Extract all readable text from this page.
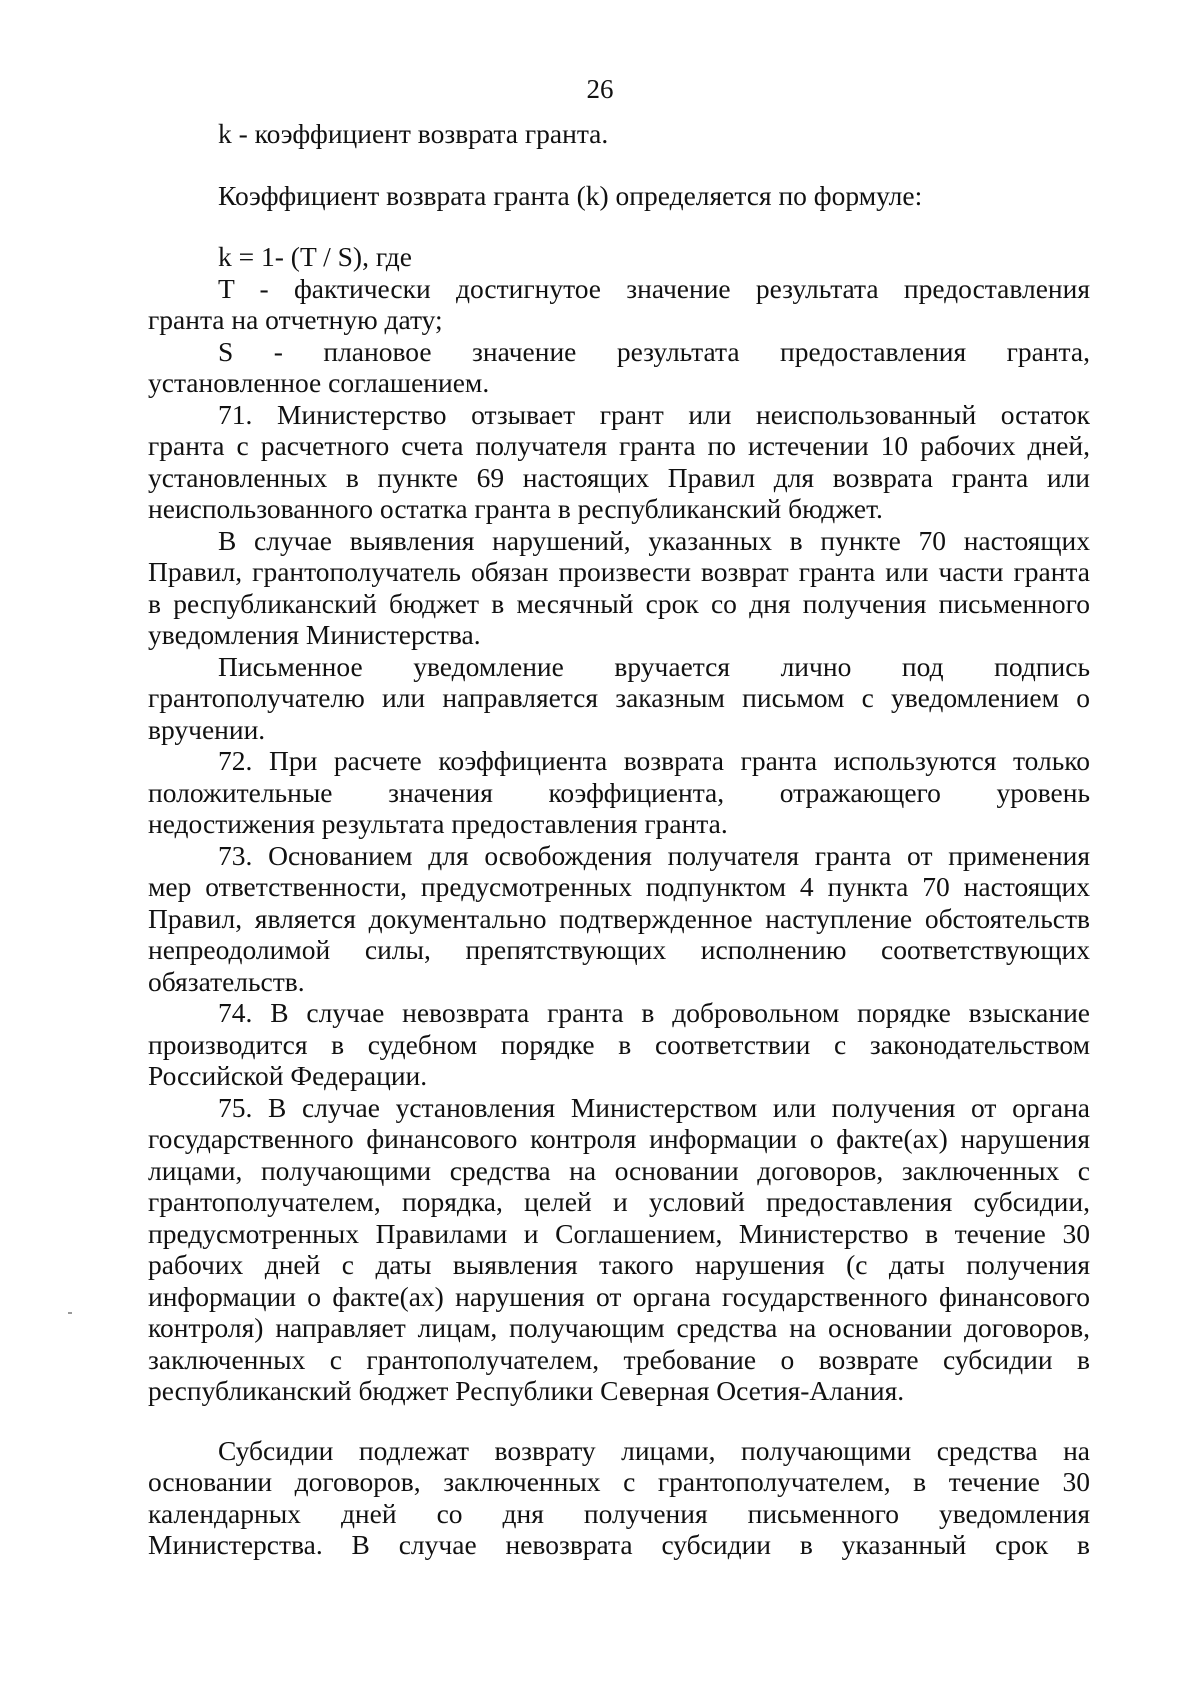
26
k - коэффициент возврата гранта.
Коэффициент возврата гранта (k) определяется по формуле:
k = 1- (T / S), где
T - фактически достигнутое значение результата предоставления
гранта на отчетную дату;
S - плановое значение результата предоставления гранта,
установленное соглашением.
71. Министерство отзывает грант или неиспользованный остаток
гранта с расчетного счета получателя гранта по истечении 10 рабочих дней,
установленных в пункте 69 настоящих Правил для возврата гранта или
неиспользованного остатка гранта в республиканский бюджет.
В случае выявления нарушений, указанных в пункте 70 настоящих
Правил, грантополучатель обязан произвести возврат гранта или части гранта
в республиканский бюджет в месячный срок со дня получения письменного
уведомления Министерства.
Письменное уведомление вручается лично под подпись
грантополучателю или направляется заказным письмом с уведомлением о
вручении.
72. При расчете коэффициента возврата гранта используются только
положительные значения коэффициента, отражающего уровень
недостижения результата предоставления гранта.
73. Основанием для освобождения получателя гранта от применения
мер ответственности, предусмотренных подпунктом 4 пункта 70 настоящих
Правил, является документально подтвержденное наступление обстоятельств
непреодолимой силы, препятствующих исполнению соответствующих
обязательств.
74. В случае невозврата гранта в добровольном порядке взыскание
производится в судебном порядке в соответствии с законодательством
Российской Федерации.
75. В случае установления Министерством или получения от органа
государственного финансового контроля информации о факте(ах) нарушения
лицами, получающими средства на основании договоров, заключенных с
грантополучателем, порядка, целей и условий предоставления субсидии,
предусмотренных Правилами и Соглашением, Министерство в течение 30
рабочих дней с даты выявления такого нарушения (с даты получения
информации о факте(ах) нарушения от органа государственного финансового
контроля) направляет лицам, получающим средства на основании договоров,
заключенных с грантополучателем, требование о возврате субсидии в
республиканский бюджет Республики Северная Осетия-Алания.
Субсидии подлежат возврату лицами, получающими средства на
основании договоров, заключенных с грантополучателем, в течение 30
календарных дней со дня получения письменного уведомления
Министерства. В случае невозврата субсидии в указанный срок в
